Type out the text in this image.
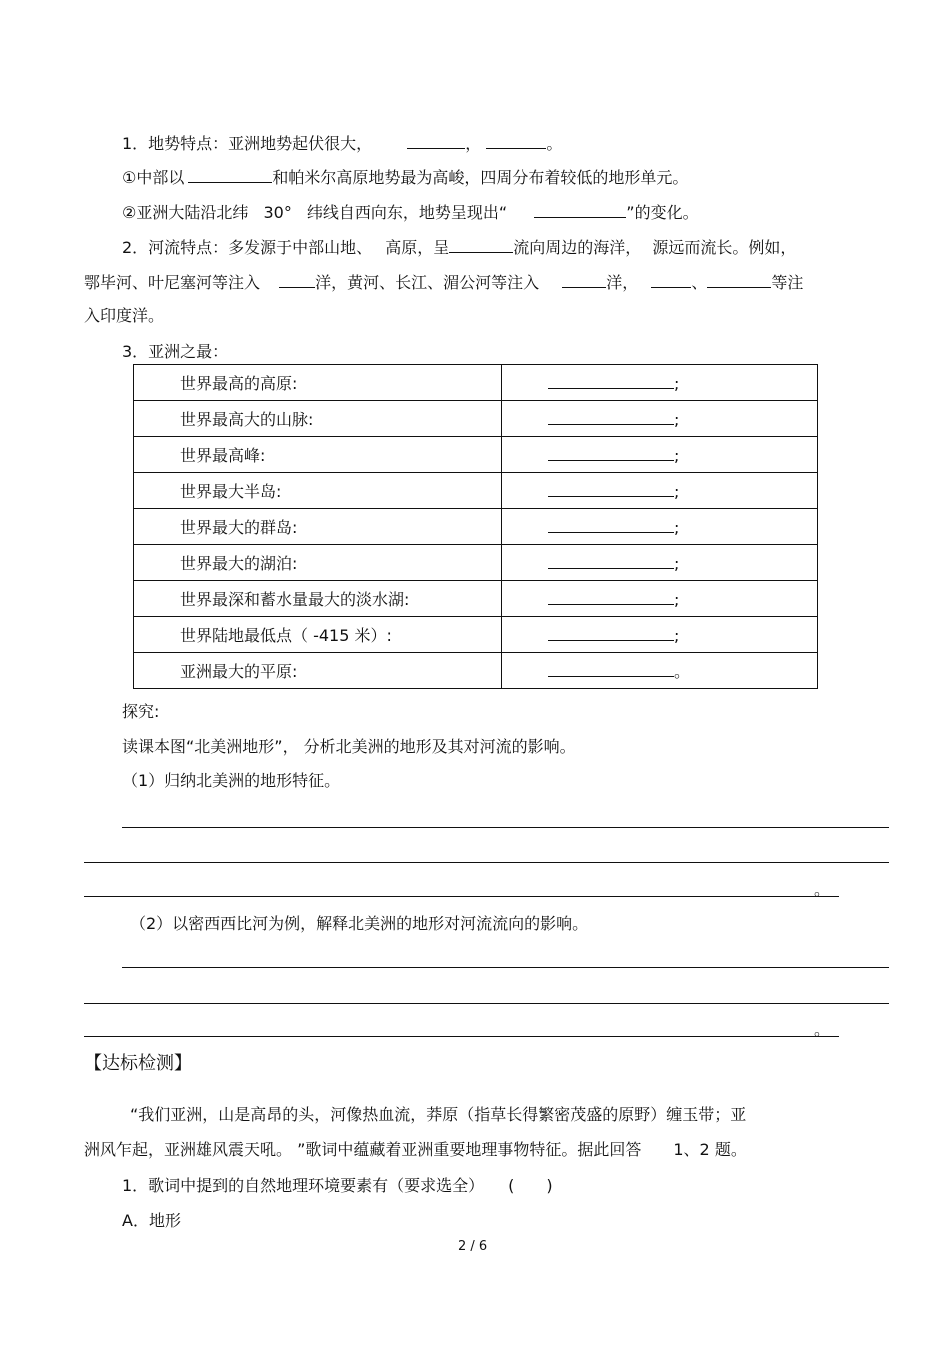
1．地势特点：亚洲地势起伏很大，	，	。
①中部以	和帕米尔高原地势最为高峻，四周分布着较低的地形单元。
②亚洲大陆沿北纬 30° 纬线自西向东，地势呈现出“	”的变化。
2．河流特点：多发源于中部山地、 高原，呈	流向周边的海洋， 源远而流长。例如，
鄂毕河、叶尼塞河等注入	洋，黄河、长江、湄公河等注入	洋，	、	等注
入印度洋。
3．亚洲之最：
世界最高的高原:	;
世界最高大的山脉:	;
世界最高峰:	;
世界最大半岛:	;
世界最大的群岛:	;
世界最大的湖泊:	;
世界最深和蓄水量最大的淡水湖:	;
世界陆地最低点（ -415 米）:	;
亚洲最大的平原:	。
探究:
读课本图“北美洲地形”， 分析北美洲的地形及其对河流的影响。
（1）归纳北美洲的地形特征。
。
（2）以密西西比河为例，解释北美洲的地形对河流流向的影响。
。
【达标检测】
“我们亚洲，山是高昂的头，河像热血流，莽原（指草长得繁密茂盛的原野）缠玉带；亚
洲风乍起，亚洲雄风震天吼。 ”歌词中蕴藏着亚洲重要地理事物特征。据此回答　　1、2 题。
1．歌词中提到的自然地理环境要素有（要求选全）　　(　　)
A．地形
2 / 6
